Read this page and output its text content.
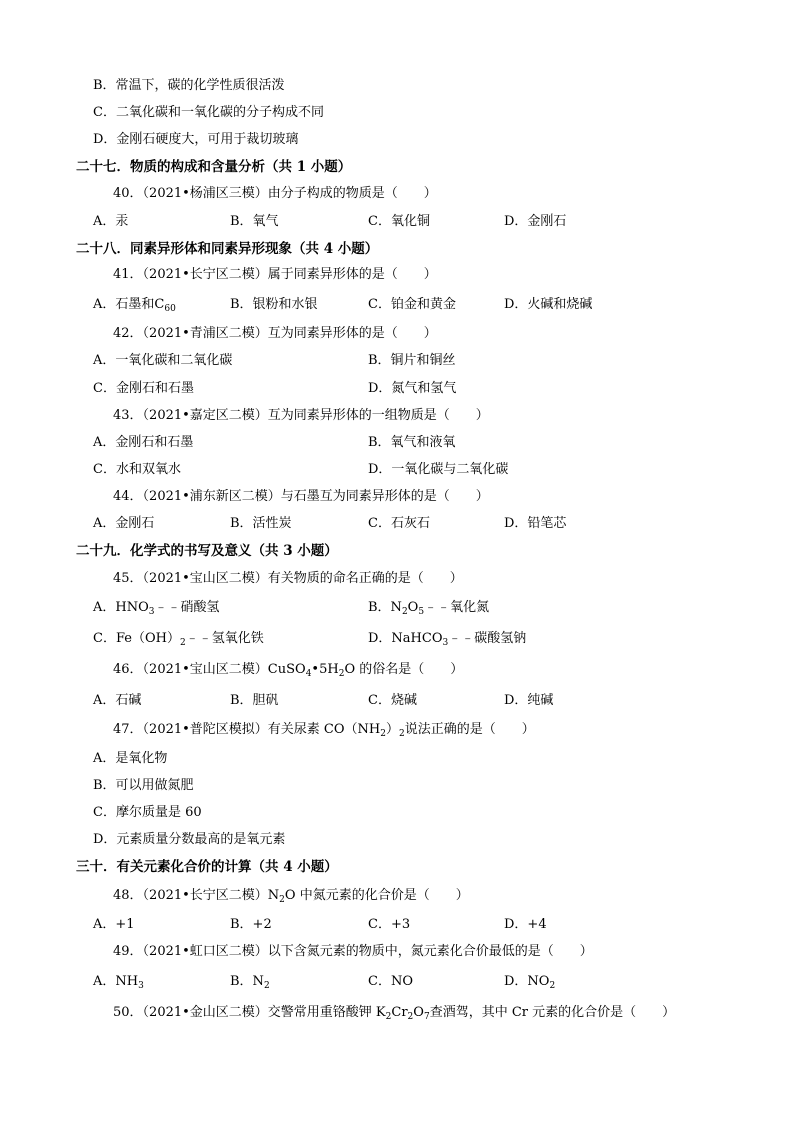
B．常温下，碳的化学性质很活泼
C．二氧化碳和一氧化碳的分子构成不同
D．金刚石硬度大，可用于裁切玻璃
二十七．物质的构成和含量分析（共 1 小题）
40．（2021•杨浦区三模）由分子构成的物质是（　　）
A．汞	B．氧气	C．氧化铜	D．金刚石
二十八．同素异形体和同素异形现象（共 4 小题）
41．（2021•长宁区二模）属于同素异形体的是（　　）
A．石墨和$C_{60}$	B．银粉和水银	C．铂金和黄金	D．火碱和烧碱
42．（2021•青浦区二模）互为同素异形体的是（　　）
A．一氧化碳和二氧化碳	B．铜片和铜丝
C．金刚石和石墨	D．氮气和氢气
43．（2021•嘉定区二模）互为同素异形体的一组物质是（　　）
A．金刚石和石墨	B．氧气和液氧
C．水和双氧水	D．一氧化碳与二氧化碳
44．（2021•浦东新区二模）与石墨互为同素异形体的是（　　）
A．金刚石	B．活性炭	C．石灰石	D．铅笔芯
二十九．化学式的书写及意义（共 3 小题）
45．（2021•宝山区二模）有关物质的命名正确的是（　　）
A．$HNO_3﹣﹣$硝酸氢	B．$N_2O_5﹣﹣$氧化氮
C．$Fe(OH)_2﹣﹣$氢氧化铁	D．NaHCO$_3$﹣﹣碳酸氢钠
46．（2021•宝山区二模）$CuSO_4•5H_2O$ 的俗名是（　　）
A．石碱	B．胆矾	C．烧碱	D．纯碱
47．（2021•普陀区模拟）有关尿素 $CO(NH_2)_2$说法正确的是（　　）
A．是氧化物
B．可以用做氮肥
C．摩尔质量是 60
D．元素质量分数最高的是氧元素
三十．有关元素化合价的计算（共 4 小题）
48．（2021•长宁区二模）$N_2O$ 中氮元素的化合价是（　　）
A．+1	B．+2	C．+3	D．+4
49．（2021•虹口区二模）以下含氮元素的物质中，氮元素化合价最低的是（　　）
A．$NH_3$	B．$N_2$	C．NO	D．$NO_2$
50．（2021•金山区二模）交警常用重铬酸钾 $K_2Cr_2O_7$查酒驾，其中 Cr 元素的化合价是（　　）
